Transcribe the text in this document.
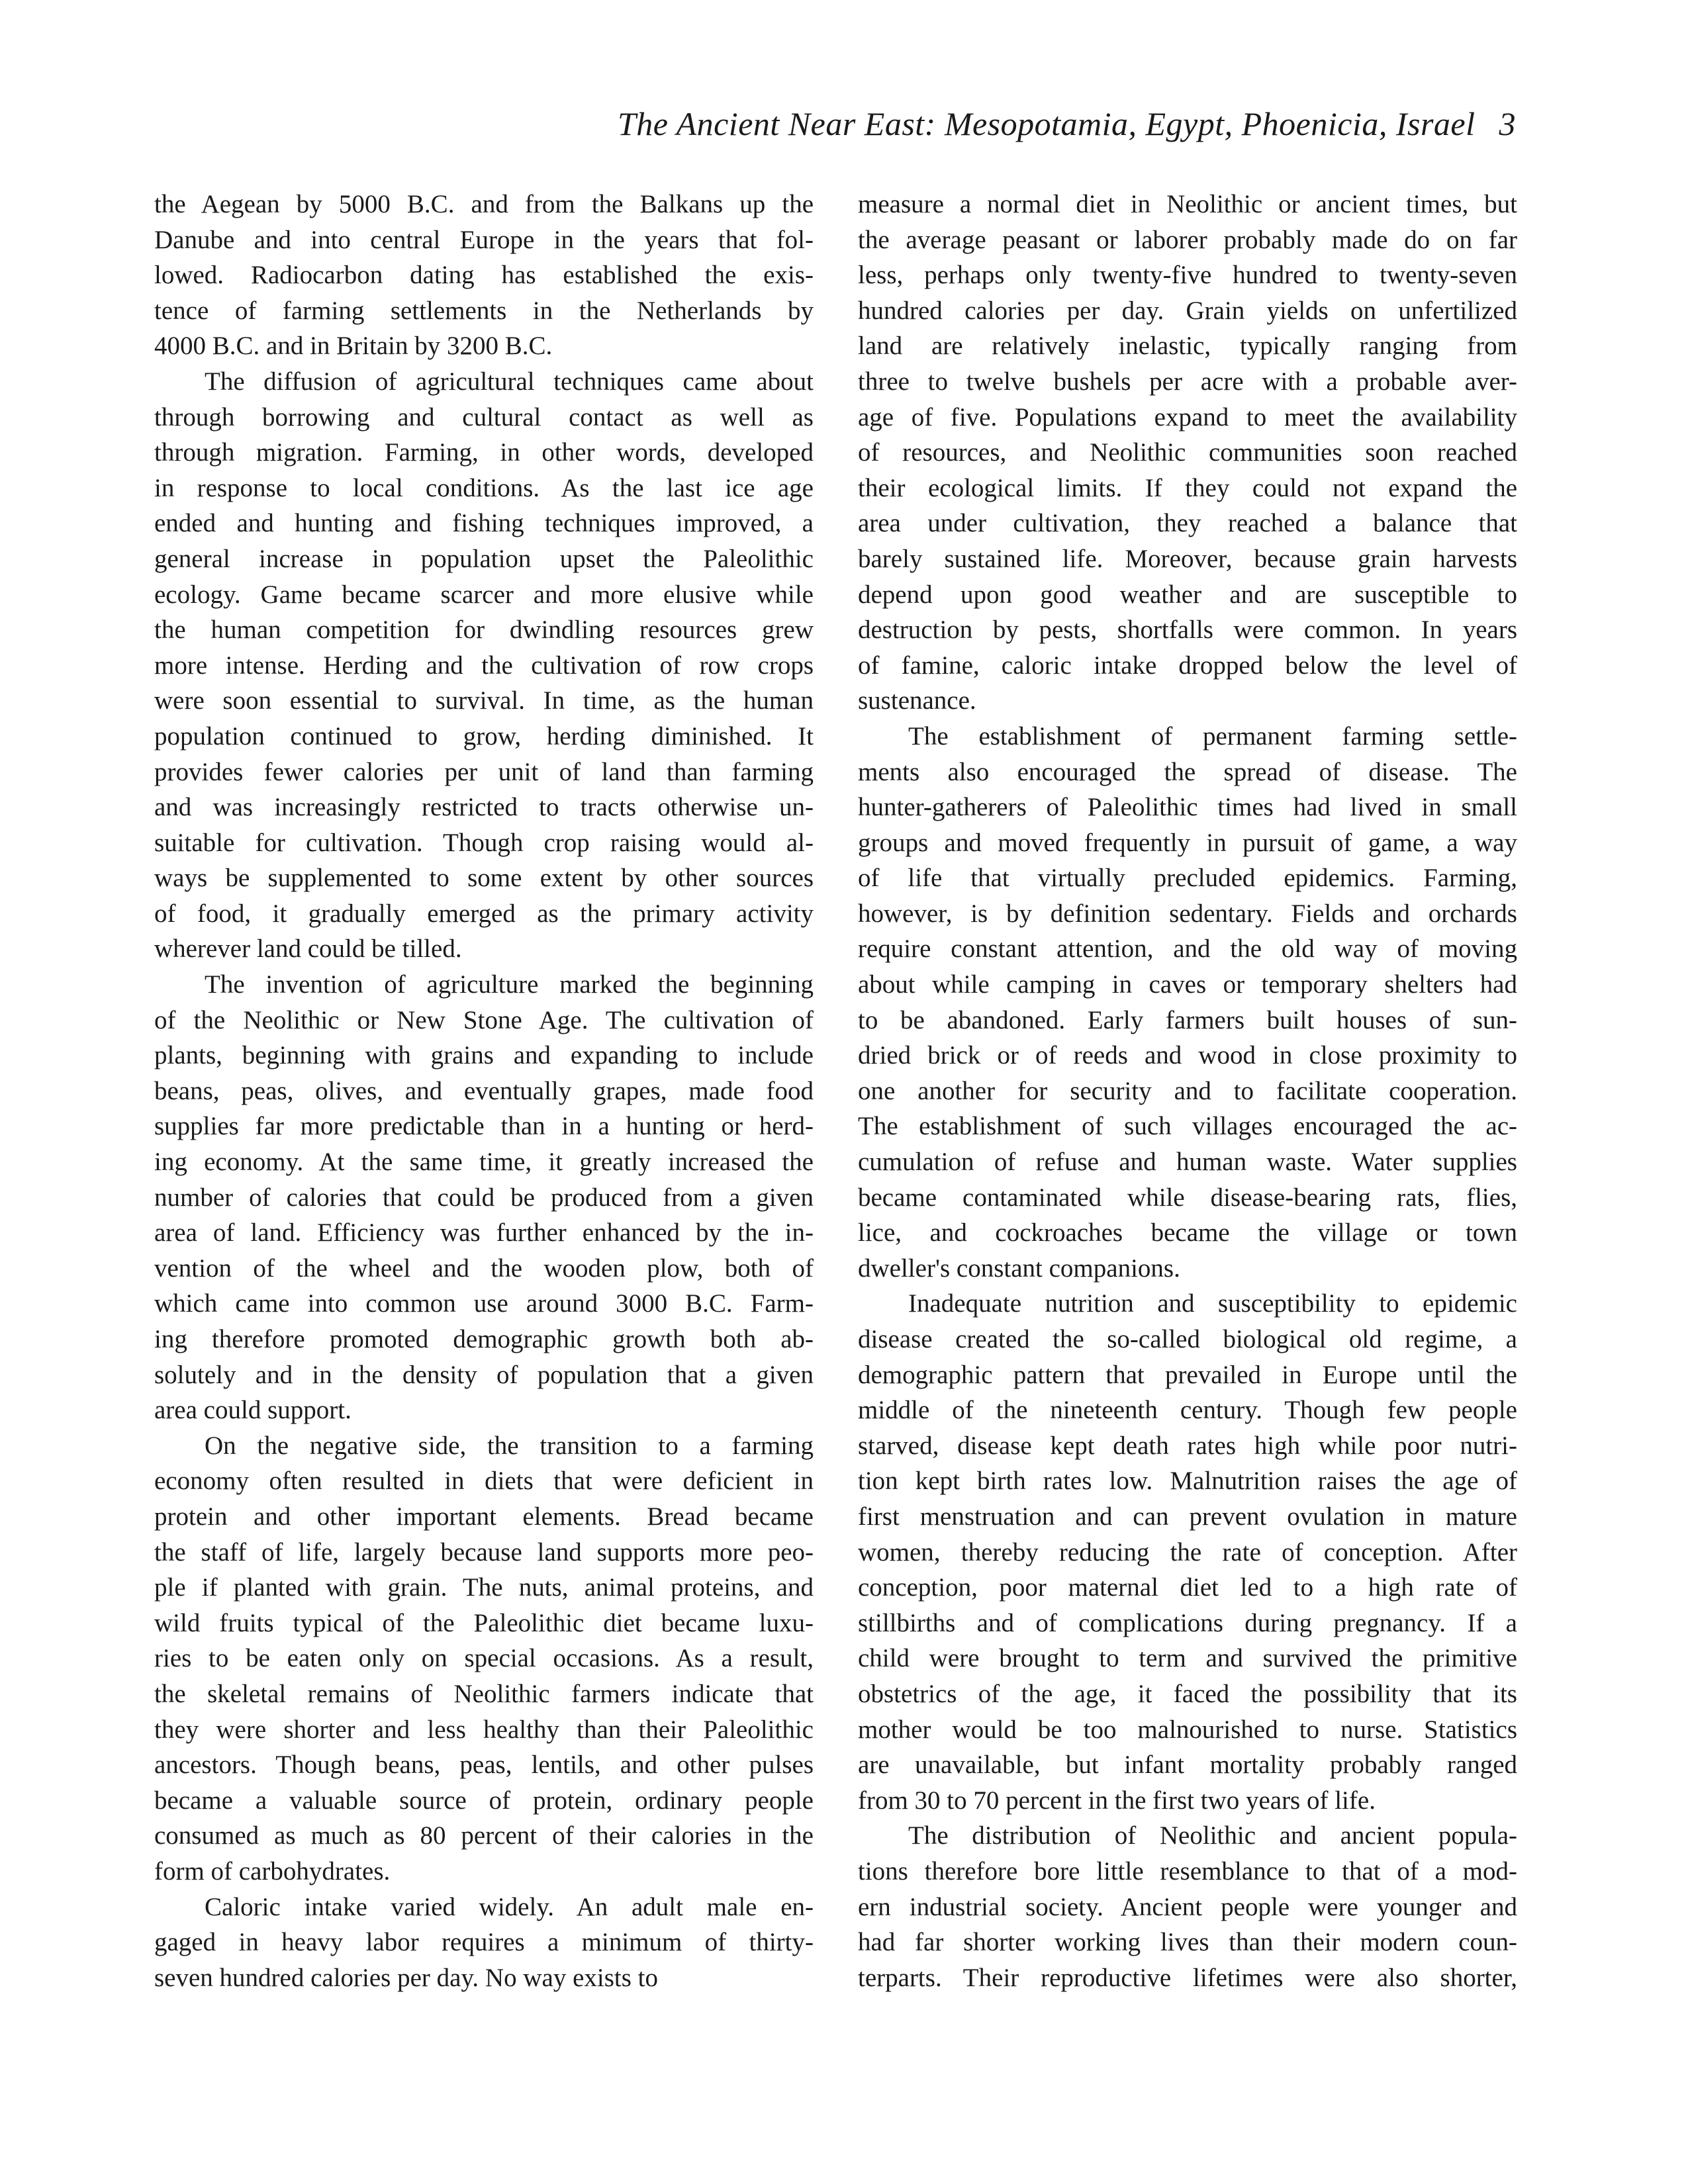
The Ancient Near East: Mesopotamia, Egypt, Phoenicia, Israel 3
the Aegean by 5000 B.C. and from the Balkans up the
Danube and into central Europe in the years that fol-
lowed. Radiocarbon dating has established the exis-
tence of farming settlements in the Netherlands by
4000 B.C. and in Britain by 3200 B.C.
The diffusion of agricultural techniques came about
through borrowing and cultural contact as well as
through migration. Farming, in other words, developed
in response to local conditions. As the last ice age
ended and hunting and fishing techniques improved, a
general increase in population upset the Paleolithic
ecology. Game became scarcer and more elusive while
the human competition for dwindling resources grew
more intense. Herding and the cultivation of row crops
were soon essential to survival. In time, as the human
population continued to grow, herding diminished. It
provides fewer calories per unit of land than farming
and was increasingly restricted to tracts otherwise un-
suitable for cultivation. Though crop raising would al-
ways be supplemented to some extent by other sources
of food, it gradually emerged as the primary activity
wherever land could be tilled.
The invention of agriculture marked the beginning
of the Neolithic or New Stone Age. The cultivation of
plants, beginning with grains and expanding to include
beans, peas, olives, and eventually grapes, made food
supplies far more predictable than in a hunting or herd-
ing economy. At the same time, it greatly increased the
number of calories that could be produced from a given
area of land. Efficiency was further enhanced by the in-
vention of the wheel and the wooden plow, both of
which came into common use around 3000 B.C. Farm-
ing therefore promoted demographic growth both ab-
solutely and in the density of population that a given
area could support.
On the negative side, the transition to a farming
economy often resulted in diets that were deficient in
protein and other important elements. Bread became
the staff of life, largely because land supports more peo-
ple if planted with grain. The nuts, animal proteins, and
wild fruits typical of the Paleolithic diet became luxu-
ries to be eaten only on special occasions. As a result,
the skeletal remains of Neolithic farmers indicate that
they were shorter and less healthy than their Paleolithic
ancestors. Though beans, peas, lentils, and other pulses
became a valuable source of protein, ordinary people
consumed as much as 80 percent of their calories in the
form of carbohydrates.
Caloric intake varied widely. An adult male en-
gaged in heavy labor requires a minimum of thirty-
seven hundred calories per day. No way exists to
measure a normal diet in Neolithic or ancient times, but
the average peasant or laborer probably made do on far
less, perhaps only twenty-five hundred to twenty-seven
hundred calories per day. Grain yields on unfertilized
land are relatively inelastic, typically ranging from
three to twelve bushels per acre with a probable aver-
age of five. Populations expand to meet the availability
of resources, and Neolithic communities soon reached
their ecological limits. If they could not expand the
area under cultivation, they reached a balance that
barely sustained life. Moreover, because grain harvests
depend upon good weather and are susceptible to
destruction by pests, shortfalls were common. In years
of famine, caloric intake dropped below the level of
sustenance.
The establishment of permanent farming settle-
ments also encouraged the spread of disease. The
hunter-gatherers of Paleolithic times had lived in small
groups and moved frequently in pursuit of game, a way
of life that virtually precluded epidemics. Farming,
however, is by definition sedentary. Fields and orchards
require constant attention, and the old way of moving
about while camping in caves or temporary shelters had
to be abandoned. Early farmers built houses of sun-
dried brick or of reeds and wood in close proximity to
one another for security and to facilitate cooperation.
The establishment of such villages encouraged the ac-
cumulation of refuse and human waste. Water supplies
became contaminated while disease-bearing rats, flies,
lice, and cockroaches became the village or town
dweller's constant companions.
Inadequate nutrition and susceptibility to epidemic
disease created the so-called biological old regime, a
demographic pattern that prevailed in Europe until the
middle of the nineteenth century. Though few people
starved, disease kept death rates high while poor nutri-
tion kept birth rates low. Malnutrition raises the age of
first menstruation and can prevent ovulation in mature
women, thereby reducing the rate of conception. After
conception, poor maternal diet led to a high rate of
stillbirths and of complications during pregnancy. If a
child were brought to term and survived the primitive
obstetrics of the age, it faced the possibility that its
mother would be too malnourished to nurse. Statistics
are unavailable, but infant mortality probably ranged
from 30 to 70 percent in the first two years of life.
The distribution of Neolithic and ancient popula-
tions therefore bore little resemblance to that of a mod-
ern industrial society. Ancient people were younger and
had far shorter working lives than their modern coun-
terparts. Their reproductive lifetimes were also shorter,
